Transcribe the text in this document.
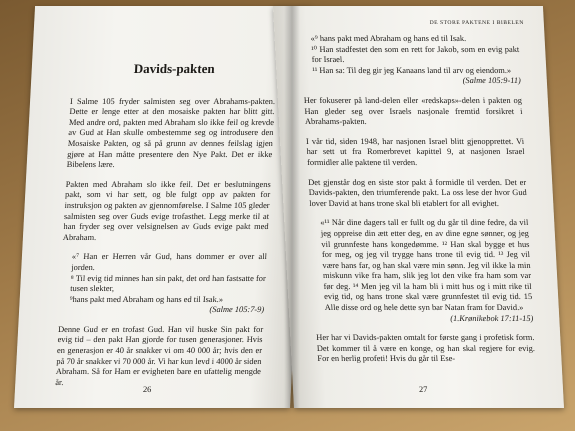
Davids-pakten

I Salme 105 fryder salmisten seg over Abrahams-pakten. Dette er lenge etter at den mosaiske pakten har blitt gitt. Med andre ord, pakten med Abraham slo ikke feil og krevde av Gud at Han skulle ombestemme seg og introdusere den Mosaiske Pakten, og så på grunn av dennes feilslag igjen gjøre at Han måtte presentere den Nye Pakt. Det er ikke Bibelens lære.

Pakten med Abraham slo ikke feil. Det er beslutningens pakt, som vi har sett, og ble fulgt opp av pakten for instruksjon og pakten av gjennomførelse. I Salme 105 gleder salmisten seg over Guds evige trofasthet. Legg merke til at han fryder seg over velsignelsen av Guds evige pakt med Abraham.

«⁷ Han er Herren vår Gud, hans dommer er over all jorden.
⁸ Til evig tid minnes han sin pakt, det ord han fastsatte for tusen slekter,
⁹hans pakt med Abraham og hans ed til Isak.»
(Salme 105:7-9)

Denne Gud er en trofast Gud. Han vil huske Sin pakt for evig tid – den pakt Han gjorde for tusen generasjoner. Hvis en generasjon er 40 år snakker vi om 40 000 år; hvis den er på 70 år snakker vi 70 000 år. Vi har kun levd i 4000 år siden Abraham. Så for Ham er evigheten bare en ufattelig mengde år.

26
DE STORE PAKTENE I BIBELEN
«⁹ hans pakt med Abraham og hans ed til Isak.
¹⁰ Han stadfestet den som en rett for Jakob, som en evig pakt for Israel.
¹¹ Han sa: Til deg gir jeg Kanaans land til arv og eiendom.»
(Salme 105:9-11)

Her fokuserer på land-delen eller «redskaps»-delen i pakten og Han gleder seg over Israels nasjonale fremtid forsikret i Abrahams-pakten.

I vår tid, siden 1948, har nasjonen Israel blitt gjenopprettet. Vi har sett ut fra Romerbrevet kapittel 9, at nasjonen Israel formidler alle paktene til verden.

Det gjenstår dog en siste stor pakt å formidle til verden. Det er Davids-pakten, den triumferende pakt. La oss lese der hvor Gud lover David at hans trone skal bli etablert for all evighet.

«¹¹ Når dine dagers tall er fullt og du går til dine fedre, da vil jeg oppreise din ætt etter deg, en av dine egne sønner, og jeg vil grunnfeste hans kongedømme. ¹² Han skal bygge et hus for meg, og jeg vil trygge hans trone til evig tid. ¹³ Jeg vil være hans far, og han skal være min sønn. Jeg vil ikke la min miskunn vike fra ham, slik jeg lot den vike fra ham som var før deg. ¹⁴ Men jeg vil la ham bli i mitt hus og i mitt rike til evig tid, og hans trone skal være grunnfestet til evig tid. 15 Alle disse ord og hele dette syn bar Natan fram for David.»
(1.Krønikebok 17:11-15)

Her har vi Davids-pakten omtalt for første gang i profetisk form. Det kommer til å være en konge, og han skal regjere for evig. For en herlig profeti! Hvis du går til Ese-

27
